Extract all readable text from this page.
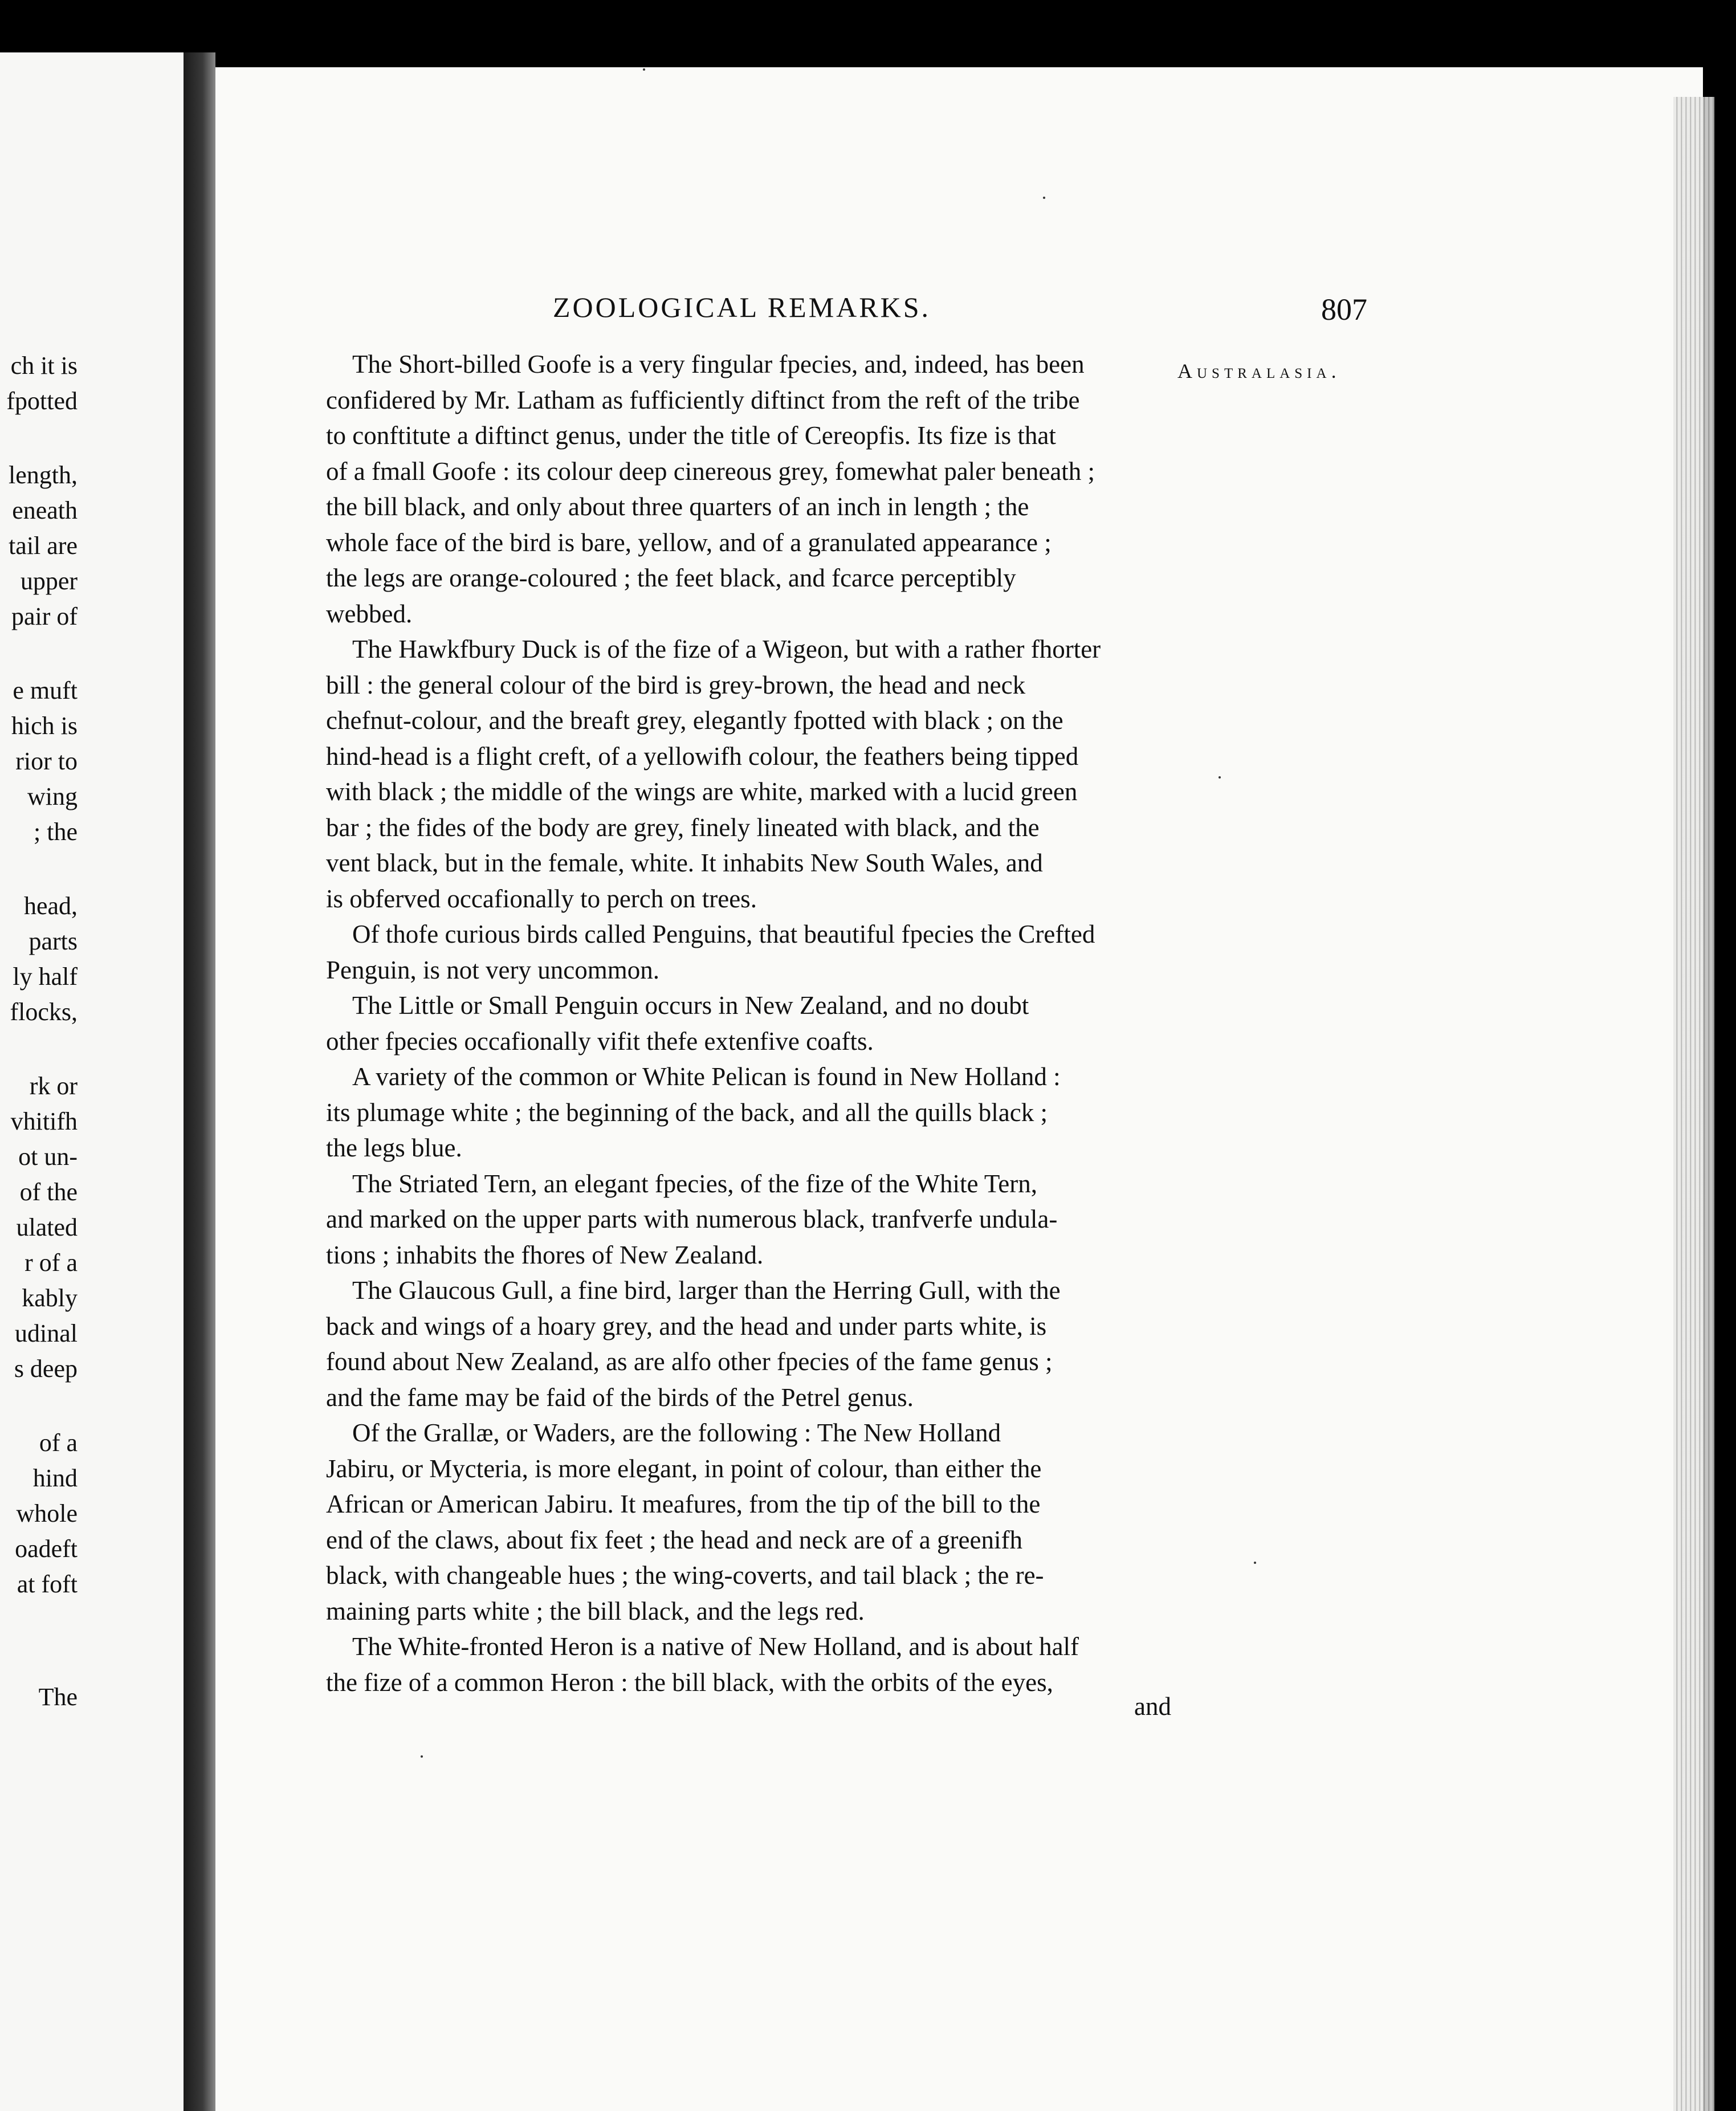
ch it is
fpotted
length,
eneath
tail are
upper
pair of
e muft
hich is
rior to
wing
; the
head,
parts
ly half
flocks,
rk or
vhitifh
ot un-
of the
ulated
r of a
kably
udinal
s deep
of a
hind
whole
oadeft
at foft
The
ZOOLOGICAL REMARKS.	807
Australasia.
The Short-billed Goofe is a very fingular fpecies, and, indeed, has been
confidered by Mr. Latham as fufficiently diftinct from the reft of the tribe
to conftitute a diftinct genus, under the title of Cereopfis. Its fize is that
of a fmall Goofe : its colour deep cinereous grey, fomewhat paler beneath ;
the bill black, and only about three quarters of an inch in length ; the
whole face of the bird is bare, yellow, and of a granulated appearance ;
the legs are orange-coloured ; the feet black, and fcarce perceptibly
webbed.
The Hawkfbury Duck is of the fize of a Wigeon, but with a rather fhorter
bill : the general colour of the bird is grey-brown, the head and neck
chefnut-colour, and the breaft grey, elegantly fpotted with black ; on the
hind-head is a flight creft, of a yellowifh colour, the feathers being tipped
with black ; the middle of the wings are white, marked with a lucid green
bar ; the fides of the body are grey, finely lineated with black, and the
vent black, but in the female, white. It inhabits New South Wales, and
is obferved occafionally to perch on trees.
Of thofe curious birds called Penguins, that beautiful fpecies the Crefted
Penguin, is not very uncommon.
The Little or Small Penguin occurs in New Zealand, and no doubt
other fpecies occafionally vifit thefe extenfive coafts.
A variety of the common or White Pelican is found in New Holland :
its plumage white ; the beginning of the back, and all the quills black ;
the legs blue.
The Striated Tern, an elegant fpecies, of the fize of the White Tern,
and marked on the upper parts with numerous black, tranfverfe undula-
tions ; inhabits the fhores of New Zealand.
The Glaucous Gull, a fine bird, larger than the Herring Gull, with the
back and wings of a hoary grey, and the head and under parts white, is
found about New Zealand, as are alfo other fpecies of the fame genus ;
and the fame may be faid of the birds of the Petrel genus.
Of the Grallæ, or Waders, are the following : The New Holland
Jabiru, or Mycteria, is more elegant, in point of colour, than either the
African or American Jabiru. It meafures, from the tip of the bill to the
end of the claws, about fix feet ; the head and neck are of a greenifh
black, with changeable hues ; the wing-coverts, and tail black ; the re-
maining parts white ; the bill black, and the legs red.
The White-fronted Heron is a native of New Holland, and is about half
the fize of a common Heron : the bill black, with the orbits of the eyes,
and
